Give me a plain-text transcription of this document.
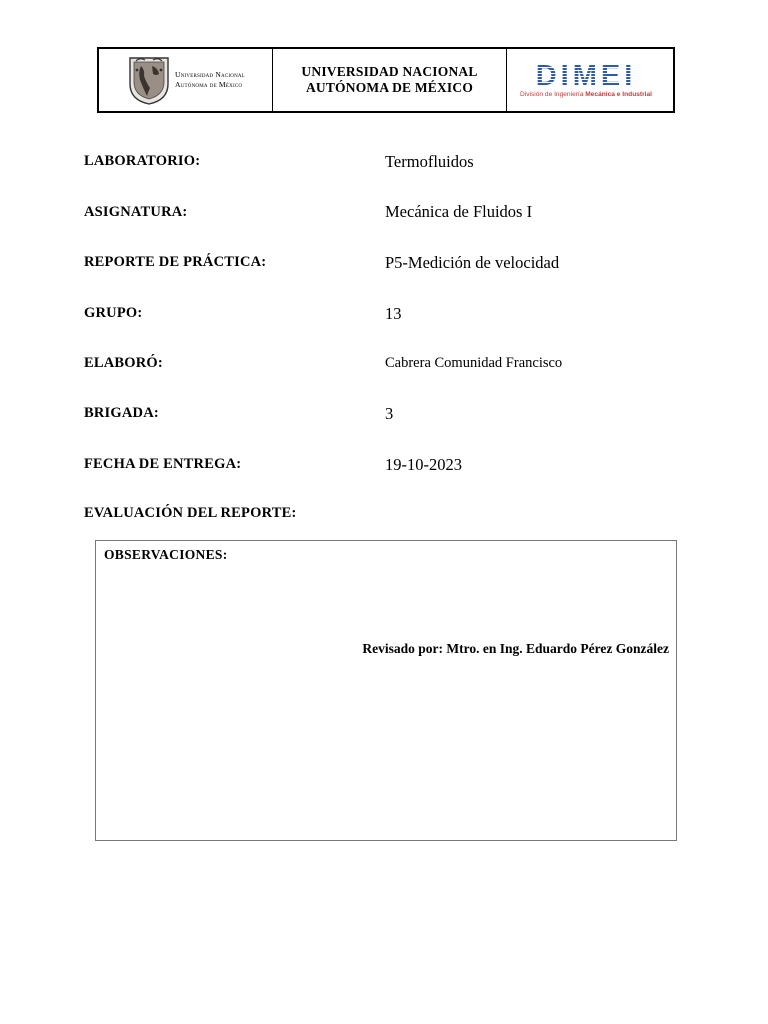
Universidad Nacional
Autónoma de México
UNIVERSIDAD NACIONAL
AUTÓNOMA DE MÉXICO DIMEI
División de Ingeniería Mecánica e Industrial
LABORATORIO:	Termofluidos
ASIGNATURA:	Mecánica de Fluidos I
REPORTE DE PRÁCTICA:	P5-Medición de velocidad
GRUPO:	13
ELABORÓ:	Cabrera Comunidad Francisco
BRIGADA:	3
FECHA DE ENTREGA:	19-10-2023
EVALUACIÓN DEL REPORTE:
OBSERVACIONES:
Revisado por: Mtro. en Ing. Eduardo Pérez González
